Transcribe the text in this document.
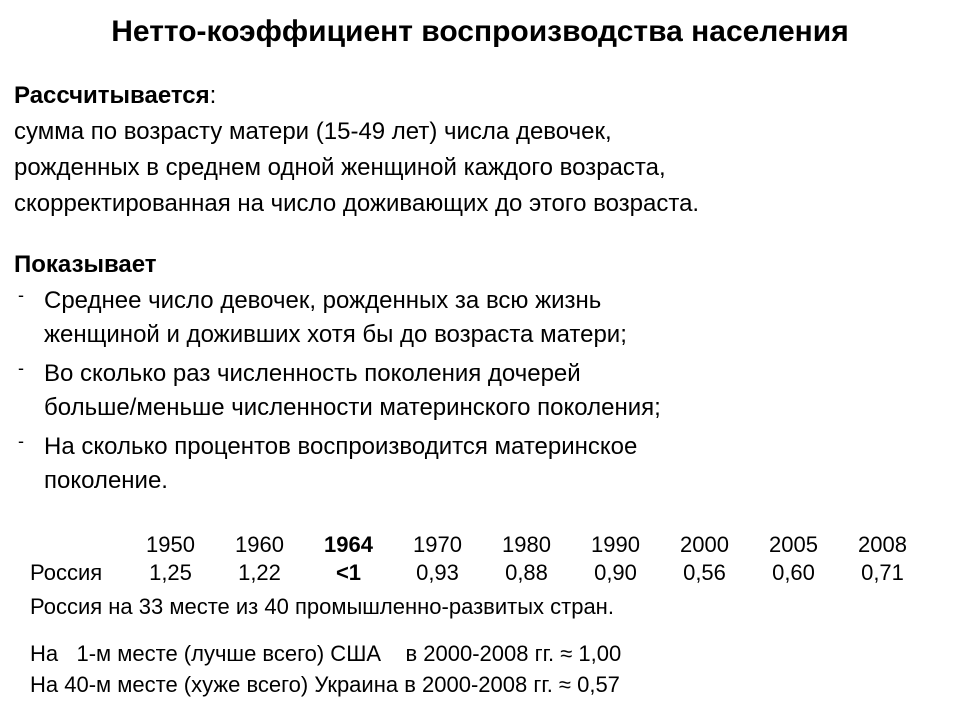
Нетто-коэффициент воспроизводства населения
Рассчитывается:
сумма по возрасту матери (15-49 лет) числа девочек,
рожденных в среднем одной женщиной каждого возраста,
скорректированная на число доживающих до этого возраста.
Показывает
- Среднее число девочек, рожденных за всю жизнь
женщиной и доживших хотя бы до возраста матери;
- Во сколько раз численность поколения дочерей
больше/меньше численности материнского поколения;
- На сколько процентов воспроизводится материнское
поколение.
	1950	1960	1964	1970	1980	1990	2000	2005	2008
Россия	1,25	1,22	<1	0,93	0,88	0,90	0,56	0,60	0,71
Россия на 33 месте из 40 промышленно-развитых стран.
На   1-м месте (лучше всего) США    в 2000-2008 гг. ≈ 1,00
На 40-м месте (хуже всего) Украина в 2000-2008 гг. ≈ 0,57
